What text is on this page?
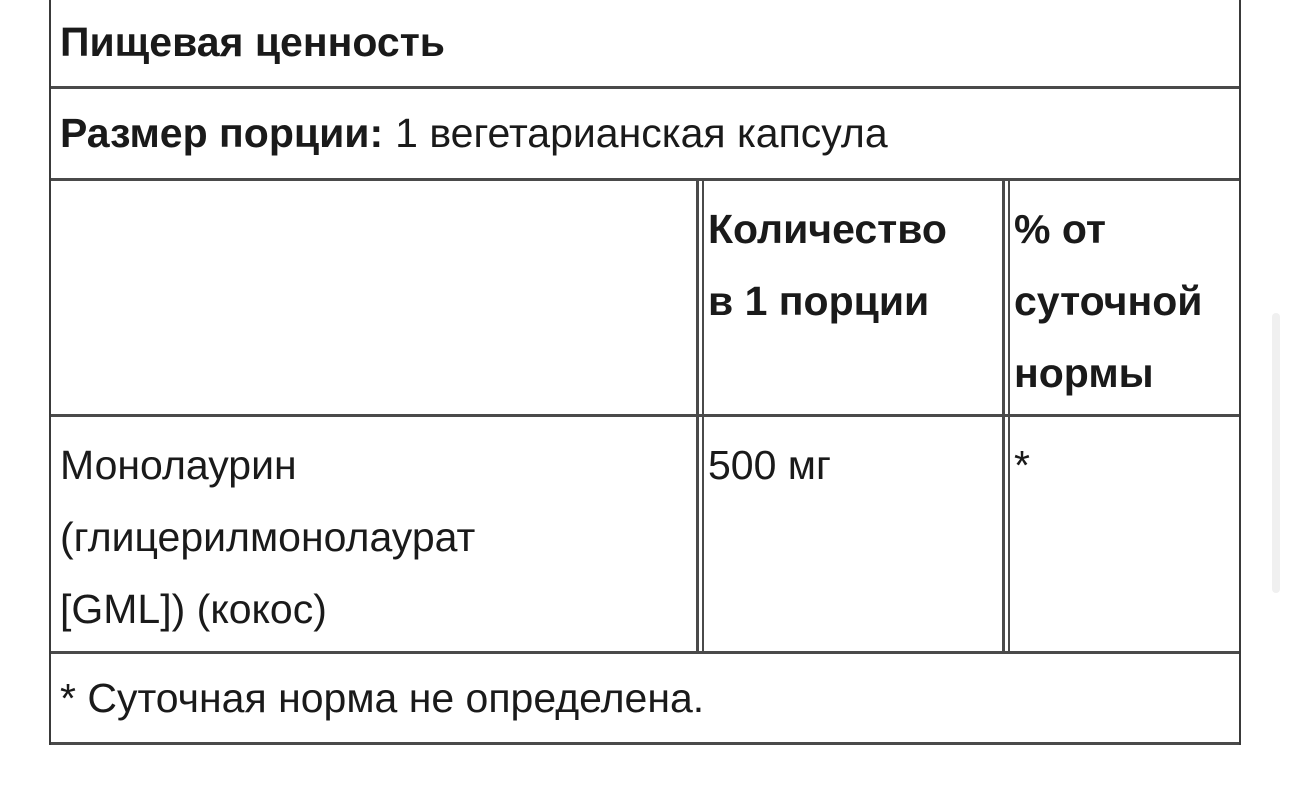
Пищевая ценность
Размер порции: 1 вегетарианская капсула
Количество
в 1 порции
% от
суточной
нормы
Монолаурин
(глицерилмонолаурат
[GML]) (кокос)
500 мг	*
* Суточная норма не определена.
